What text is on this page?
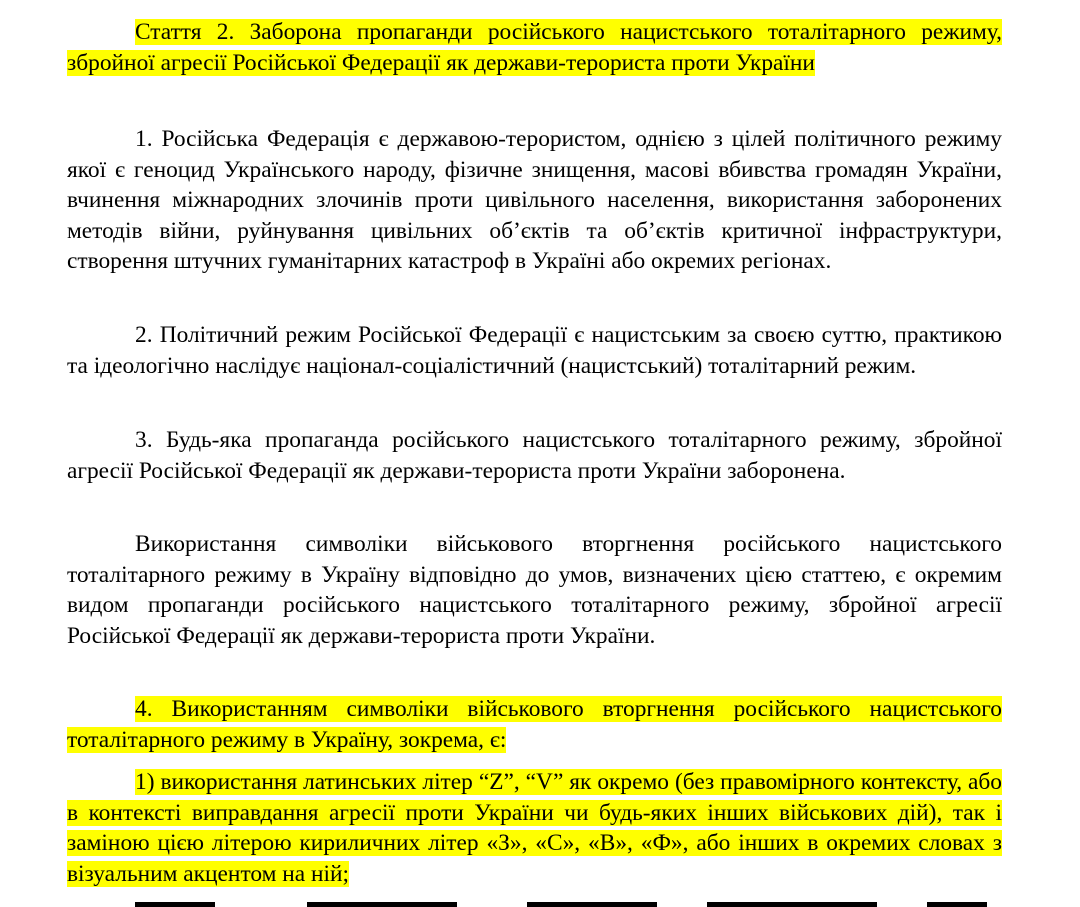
Стаття 2. Заборона пропаганди російського нацистського тоталітарного режиму, збройної агресії Російської Федерації як держави-терориста проти України

1. Російська Федерація є державою-терористом, однією з цілей політичного режиму якої є геноцид Українського народу, фізичне знищення, масові вбивства громадян України, вчинення міжнародних злочинів проти цивільного населення, використання заборонених методів війни, руйнування цивільних об’єктів та об’єктів критичної інфраструктури, створення штучних гуманітарних катастроф в Україні або окремих регіонах.

2. Політичний режим Російської Федерації є нацистським за своєю суттю, практикою та ідеологічно наслідує націонал-соціалістичний (нацистський) тоталітарний режим.

3. Будь-яка пропаганда російського нацистського тоталітарного режиму, збройної агресії Російської Федерації як держави-терориста проти України заборонена.

Використання символіки військового вторгнення російського нацистського тоталітарного режиму в Україну відповідно до умов, визначених цією статтею, є окремим видом пропаганди російського нацистського тоталітарного режиму, збройної агресії Російської Федерації як держави-терориста проти України.

4. Використанням символіки військового вторгнення російського нацистського тоталітарного режиму в Україну, зокрема, є:

1) використання латинських літер “Z”, “V” як окремо (без правомірного контексту, або в контексті виправдання агресії проти України чи будь-яких інших військових дій), так і заміною цією літерою кириличних літер «З», «С», «В», «Ф», або інших в окремих словах з візуальним акцентом на ній;
